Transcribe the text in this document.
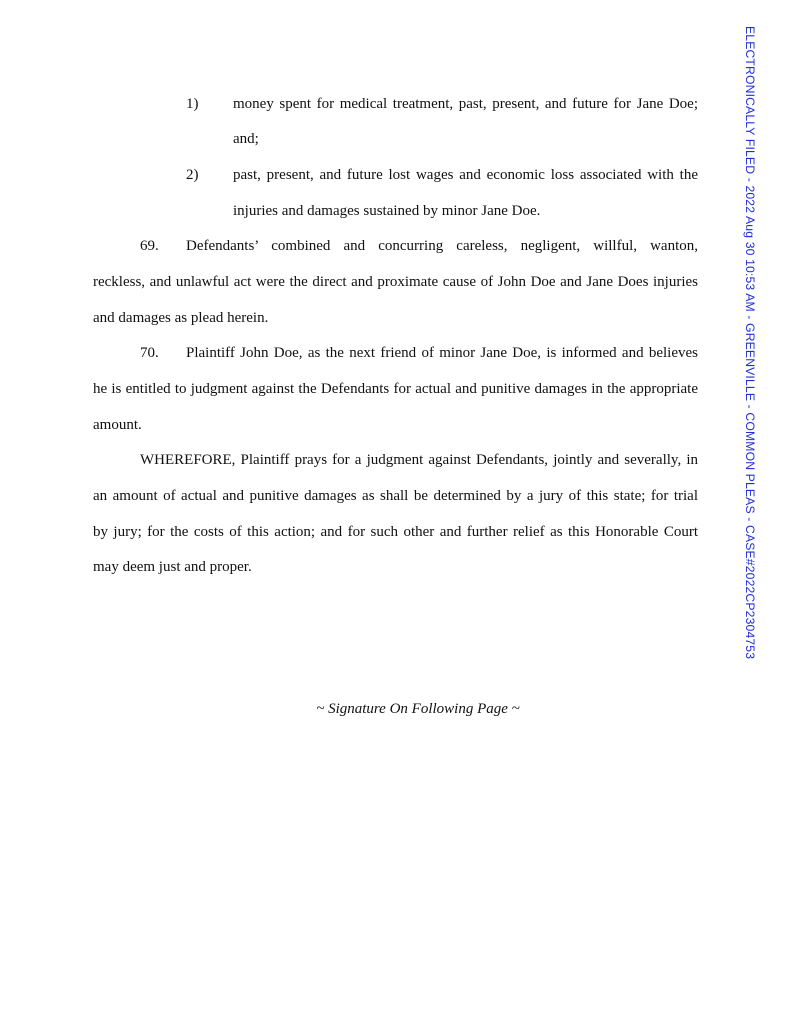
1) money spent for medical treatment, past, present, and future for Jane Doe;
and;
2) past, present, and future lost wages and economic loss associated with the
injuries and damages sustained by minor Jane Doe.
69. Defendants’ combined and concurring careless, negligent, willful, wanton,
reckless, and unlawful act were the direct and proximate cause of John Doe and Jane Does injuries
and damages as plead herein.
70. Plaintiff John Doe, as the next friend of minor Jane Doe, is informed and believes
he is entitled to judgment against the Defendants for actual and punitive damages in the appropriate
amount.
WHEREFORE, Plaintiff prays for a judgment against Defendants, jointly and severally, in
an amount of actual and punitive damages as shall be determined by a jury of this state; for trial
by jury; for the costs of this action; and for such other and further relief as this Honorable Court
may deem just and proper.
~ Signature On Following Page ~
ELECTRONICALLY FILED - 2022 Aug 30 10:53 AM - GREENVILLE - COMMON PLEAS - CASE#2022CP2304753
